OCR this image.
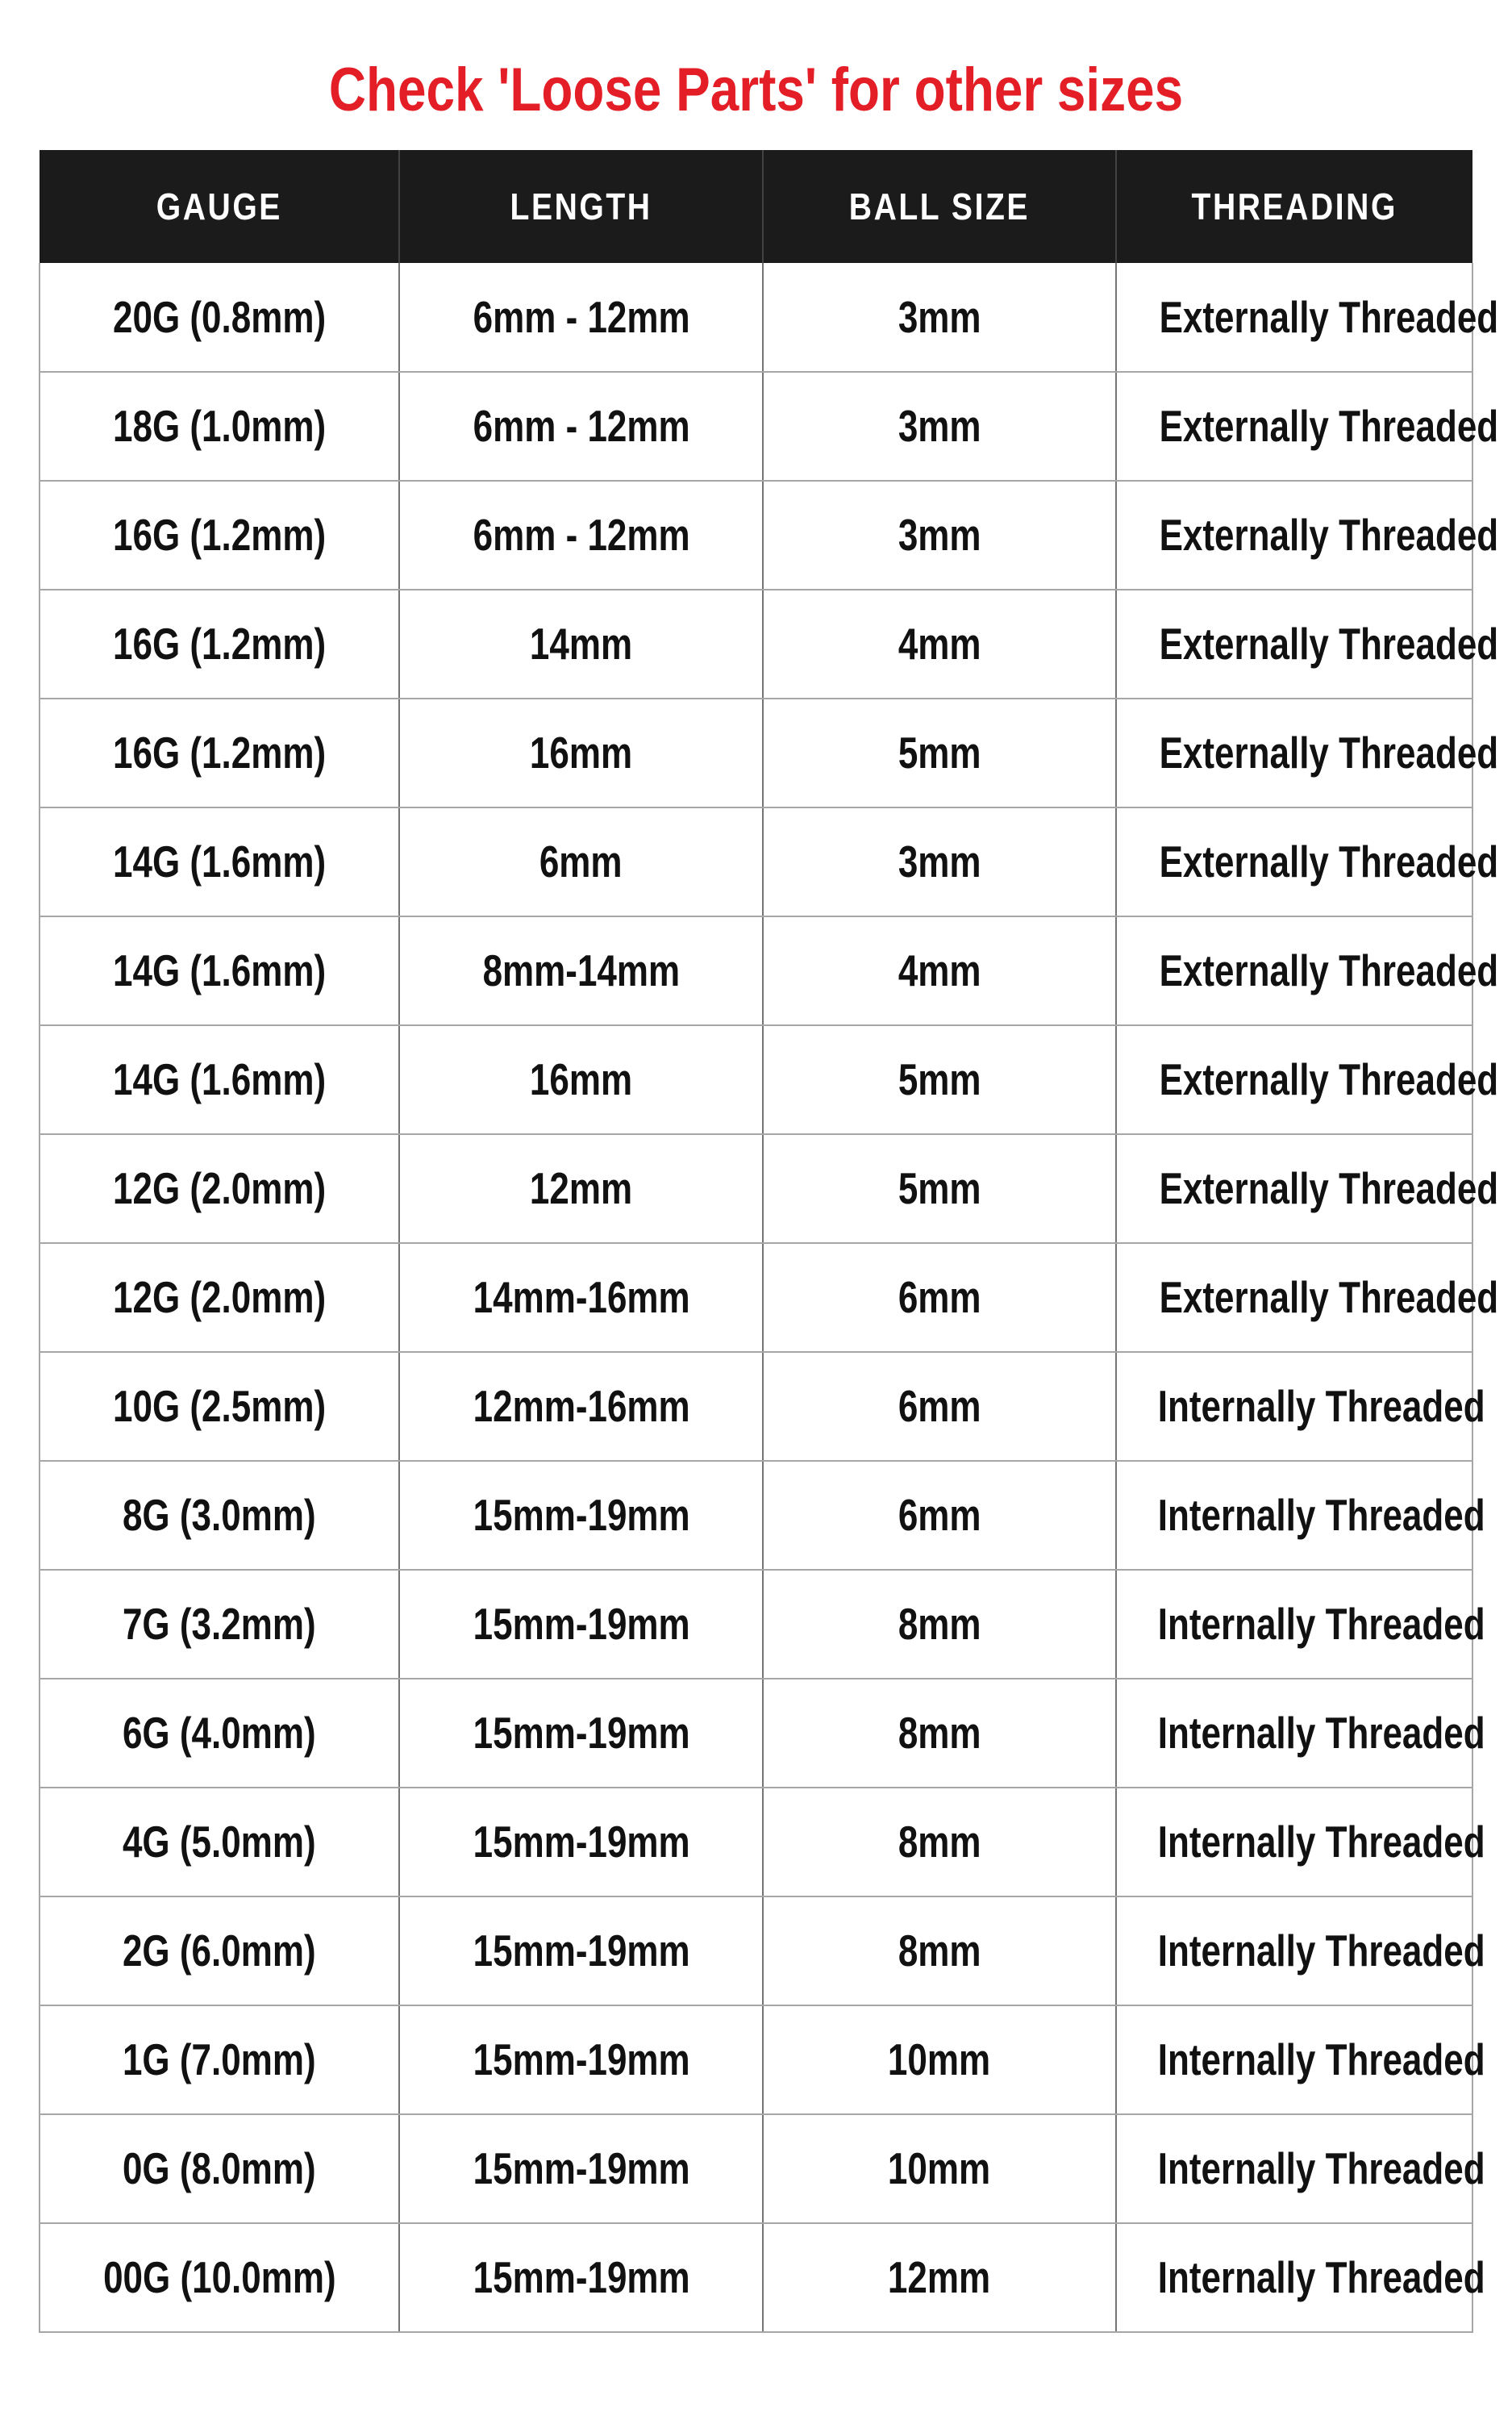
Check 'Loose Parts' for other sizes
GAUGE	LENGTH	BALL SIZE	THREADING
20G (0.8mm)	6mm - 12mm	3mm	Externally Threaded
18G (1.0mm)	6mm - 12mm	3mm	Externally Threaded
16G (1.2mm)	6mm - 12mm	3mm	Externally Threaded
16G (1.2mm)	14mm	4mm	Externally Threaded
16G (1.2mm)	16mm	5mm	Externally Threaded
14G (1.6mm)	6mm	3mm	Externally Threaded
14G (1.6mm)	8mm-14mm	4mm	Externally Threaded
14G (1.6mm)	16mm	5mm	Externally Threaded
12G (2.0mm)	12mm	5mm	Externally Threaded
12G (2.0mm)	14mm-16mm	6mm	Externally Threaded
10G (2.5mm)	12mm-16mm	6mm	Internally Threaded
8G (3.0mm)	15mm-19mm	6mm	Internally Threaded
7G (3.2mm)	15mm-19mm	8mm	Internally Threaded
6G (4.0mm)	15mm-19mm	8mm	Internally Threaded
4G (5.0mm)	15mm-19mm	8mm	Internally Threaded
2G (6.0mm)	15mm-19mm	8mm	Internally Threaded
1G (7.0mm)	15mm-19mm	10mm	Internally Threaded
0G (8.0mm)	15mm-19mm	10mm	Internally Threaded
00G (10.0mm)	15mm-19mm	12mm	Internally Threaded
